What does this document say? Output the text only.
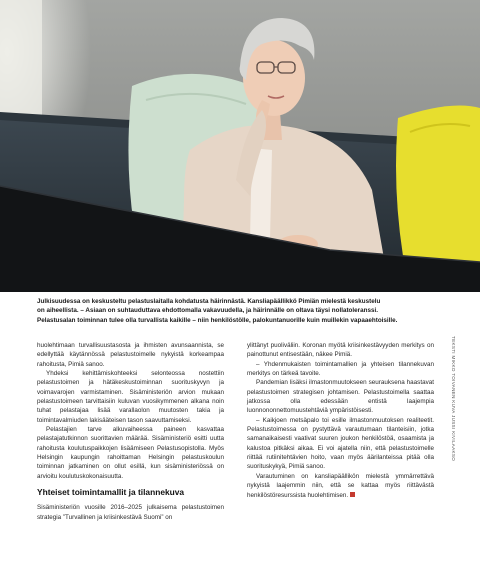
Julkisuudessa on keskusteltu pelastuslaitalla kohdatusta häirinnästä. Kansliapäällikkö Pimiän mielestä keskustelu
on aiheellista. – Asiaan on suhtauduttava ehdottomalla vakavuudella, ja häirinnälle on oltava täysi nollatoleranssi.
Pelastusalan toiminnan tulee olla turvallista kaikille – niin henkilöstölle, palokuntanuorille kuin muillekin vapaaehtoisille.

huolehtimaan turvallisuustasosta ja ihmisten avunsaannista, se edellyttää käytännössä pelastustoimelle nykyistä korkeampaa rahoitusta, Pimiä sanoo.

Yhdeksi kehittämiskohteeksi selonteossa nostettiin pelastustoimen ja hätäkeskustoiminnan suorituskyvyn ja voimavarojen varmistaminen. Sisäministeriön arvion mukaan pelastustoimeen tarvittaisiin kuluvan vuosikymmenen alkana noin tuhat pelastajaa lisää varallaolon muutosten takia ja toimintavalmiuden lakisääteisen tason saavuttamiseksi.

Pelastajien tarve alkuvaiheessa paineen kasvattaa pelastajatutkinnon suorittavien määrää. Sisäministeriö esitti uutta rahoitusta koulutuspaikkojen lisäämiseen Pelastusopistolla. Myös Helsingin kaupungin rahoittaman Helsingin pelastuskoulun toiminnan jatkaminen on ollut esillä, kun sisäministeriössä on arvioitu koulutuskokonaisuutta.

Yhteiset toimintamallit ja tilannekuva

Sisäministeriön vuosille 2016–2025 julkaisema pelastustoimen strategia ”Turvallinen ja kriisinkestävä Suomi” on

ylittänyt puoliväliin. Koronan myötä kriisinkestävyyden merkitys on painottunut entisestään, näkee Pimiä.

– Yhdenmukaisten toimintamallien ja yhteisen tilannekuvan merkitys on tärkeä tavoite.

Pandemian lisäksi ilmastonmuutokseen seurauksena haastavat pelastustoimen strategisen johtamisen. Pelastustoimella saattaa jatkossa olla edessään entistä laajempia luonnononnettomuustehtäviä ympäristöisesti.

– Kaikjoen metsäpalo toi esille ilmastonmuutoksen realiteetit. Pelastustoimessa on pystyttävä varautumaan tilanteisiin, jotka samanaikaisesti vaativat suuren joukon henkilöstöä, osaamista ja kalustoa pitkäksi aikaa. Ei voi ajatella niin, että pelastustoimelle riittää rutiinitehtävien hoito, vaan myös äärilanteissa pitää olla suorituskykyä, Pimiä sanoo.

Varautuminen on kansliapäällikön mielestä ymmärrettävä nykyistä laajemmin niin, että se kattaa myös riittävästä henkilöstöresurssista huolehtimisen.

TEKSTI MIKKO TOIVANEN KUVA JUSSI KIVILAAKSO
